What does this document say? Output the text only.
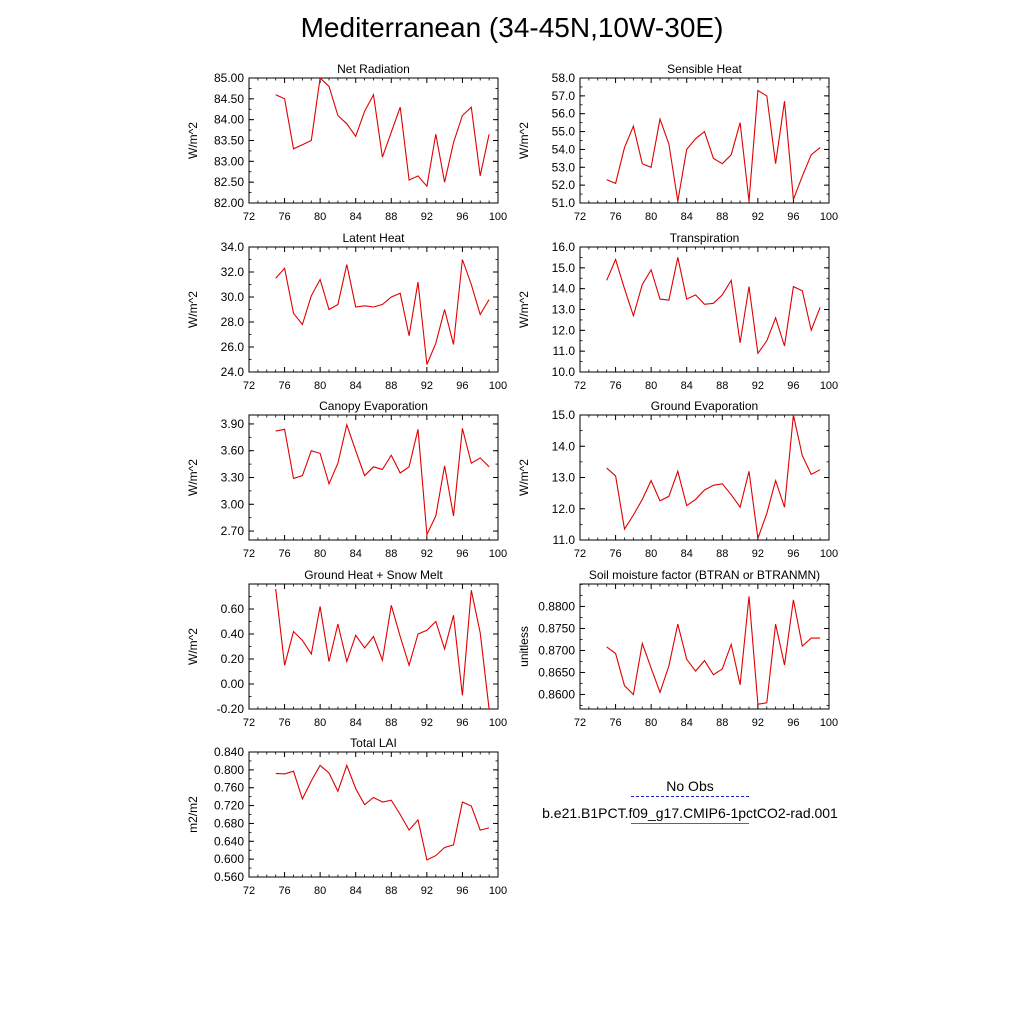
Mediterranean (34-45N,10W-30E)
Net Radiation
W/m^2
72 76 80 84 88 92 96 100
82.00
82.50
83.00
83.50
84.00
84.50
85.00
Sensible Heat
W/m^2
72 76 80 84 88 92 96 100
51.0
52.0
53.0
54.0
55.0
56.0
57.0
58.0
Latent Heat
W/m^2
72 76 80 84 88 92 96 100
24.0
26.0
28.0
30.0
32.0
34.0
Transpiration
W/m^2
72 76 80 84 88 92 96 100
10.0
11.0
12.0
13.0
14.0
15.0
16.0
Canopy Evaporation
W/m^2
72 76 80 84 88 92 96 100
2.70
3.00
3.30
3.60
3.90
Ground Evaporation
W/m^2
72 76 80 84 88 92 96 100
11.0
12.0
13.0
14.0
15.0
Ground Heat + Snow Melt
W/m^2
72 76 80 84 88 92 96 100
-0.20
0.00
0.20
0.40
0.60
Soil moisture factor (BTRAN or BTRANMN)
unitless
72 76 80 84 88 92 96 100
0.8600
0.8650
0.8700
0.8750
0.8800
Total LAI
m2/m2
72 76 80 84 88 92 96 100
0.560
0.600
0.640
0.680
0.720
0.760
0.800
0.840
No Obs
b.e21.B1PCT.f09_g17.CMIP6-1pctCO2-rad.001
